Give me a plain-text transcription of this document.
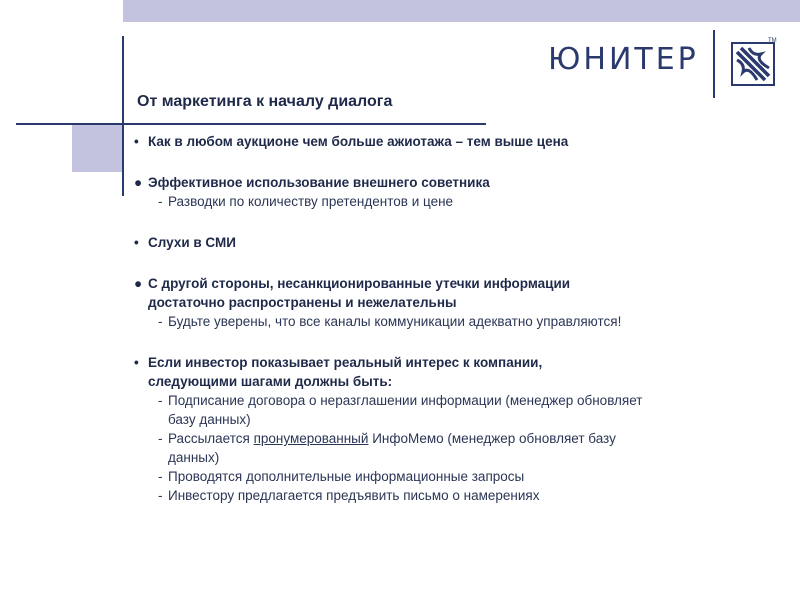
ЮНИТЕР
TM
От маркетинга к началу диалога
• Как в любом аукционе чем больше ажиотажа – тем выше цена
● Эффективное использование внешнего советника
- Разводки по количеству претендентов и цене
• Слухи в СМИ
● С другой стороны, несанкционированные утечки информации
достаточно распространены и нежелательны
- Будьте уверены, что все каналы коммуникации адекватно управляются!
• Если инвестор показывает реальный интерес к компании,
следующими шагами должны быть:
- Подписание договора о неразглашении информации (менеджер обновляет
базу данных)
- Рассылается пронумерованный ИнфоМемо (менеджер обновляет базу
данных)
- Проводятся дополнительные информационные запросы
- Инвестору предлагается предъявить письмо о намерениях
